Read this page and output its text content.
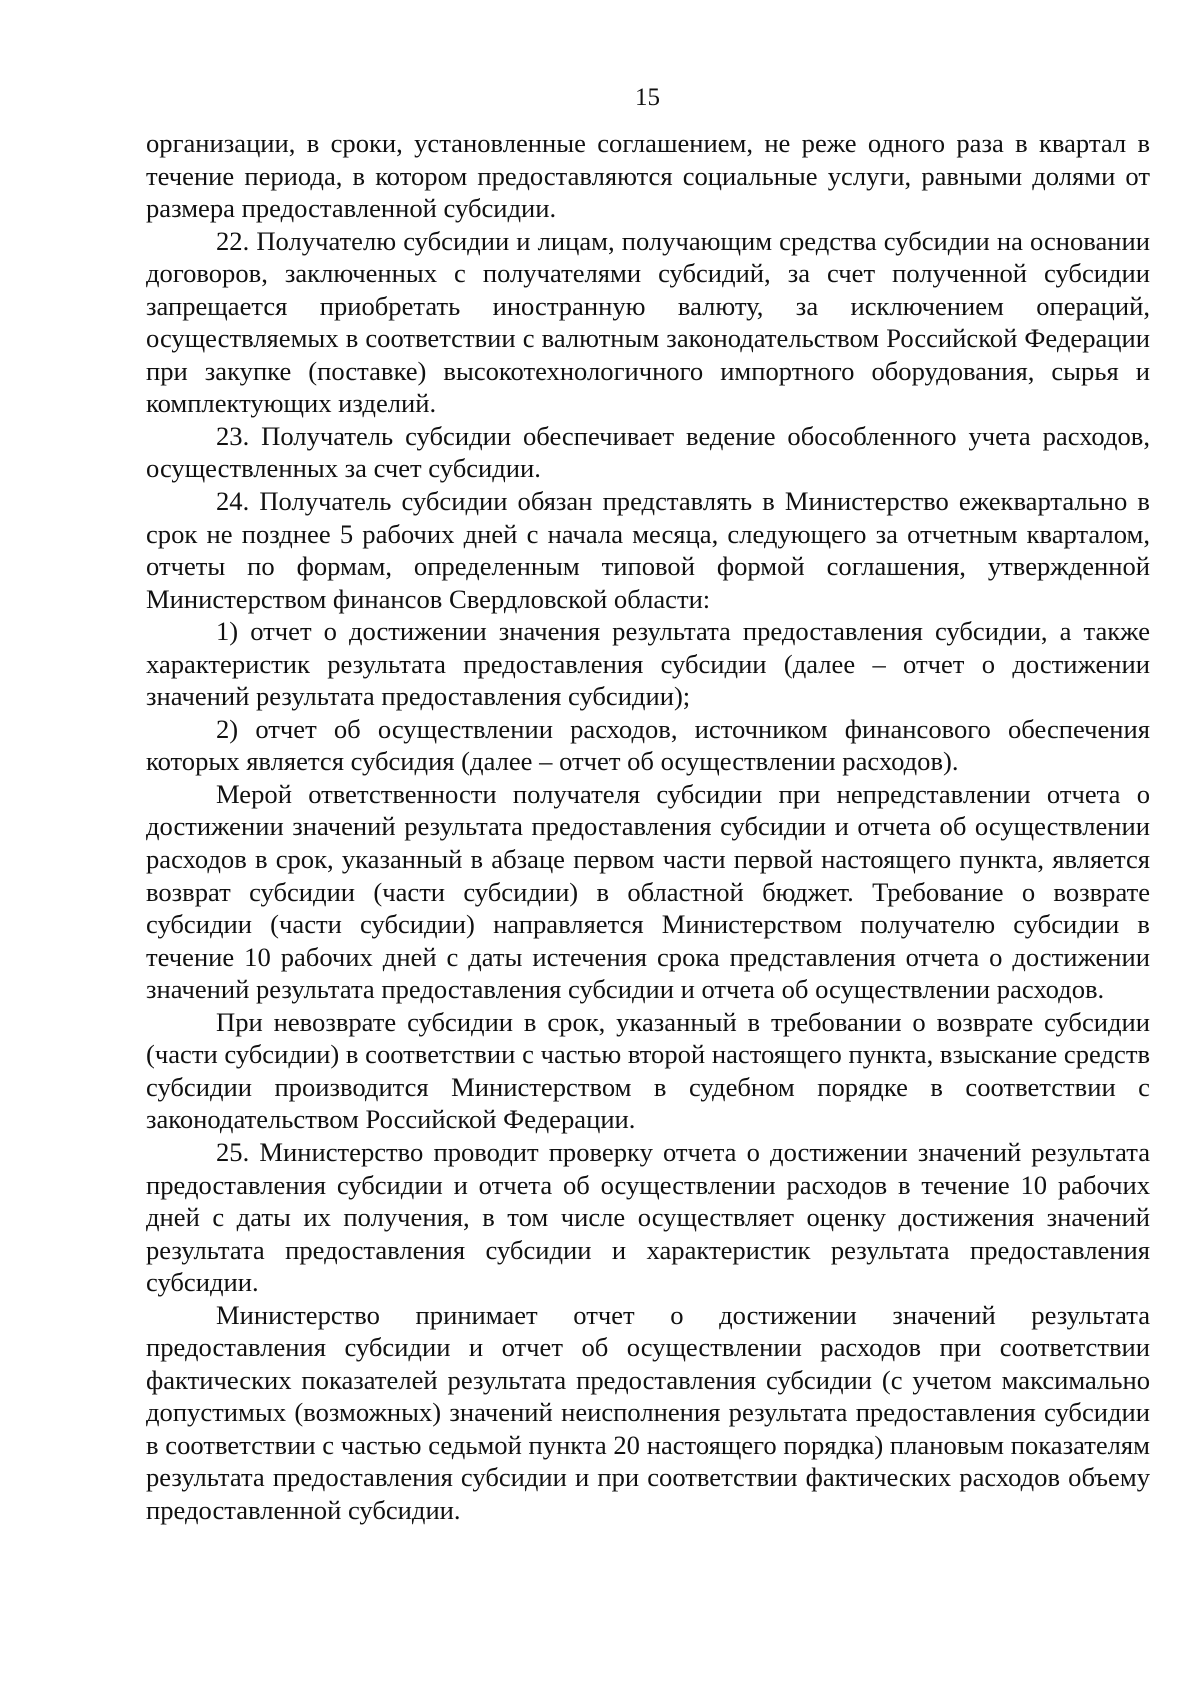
15

организации, в сроки, установленные соглашением, не реже одного раза в квартал в течение периода, в котором предоставляются социальные услуги, равными долями от размера предоставленной субсидии.

22. Получателю субсидии и лицам, получающим средства субсидии на основании договоров, заключенных с получателями субсидий, за счет полученной субсидии запрещается приобретать иностранную валюту, за исключением операций, осуществляемых в соответствии с валютным законодательством Российской Федерации при закупке (поставке) высокотехнологичного импортного оборудования, сырья и комплектующих изделий.

23. Получатель субсидии обеспечивает ведение обособленного учета расходов, осуществленных за счет субсидии.

24. Получатель субсидии обязан представлять в Министерство ежеквартально в срок не позднее 5 рабочих дней с начала месяца, следующего за отчетным кварталом, отчеты по формам, определенным типовой формой соглашения, утвержденной Министерством финансов Свердловской области:

1) отчет о достижении значения результата предоставления субсидии, а также характеристик результата предоставления субсидии (далее – отчет о достижении значений результата предоставления субсидии);

2) отчет об осуществлении расходов, источником финансового обеспечения которых является субсидия (далее – отчет об осуществлении расходов).

Мерой ответственности получателя субсидии при непредставлении отчета о достижении значений результата предоставления субсидии и отчета об осуществлении расходов в срок, указанный в абзаце первом части первой настоящего пункта, является возврат субсидии (части субсидии) в областной бюджет. Требование о возврате субсидии (части субсидии) направляется Министерством получателю субсидии в течение 10 рабочих дней с даты истечения срока представления отчета о достижении значений результата предоставления субсидии и отчета об осуществлении расходов.

При невозврате субсидии в срок, указанный в требовании о возврате субсидии (части субсидии) в соответствии с частью второй настоящего пункта, взыскание средств субсидии производится Министерством в судебном порядке в соответствии с законодательством Российской Федерации.

25. Министерство проводит проверку отчета о достижении значений результата предоставления субсидии и отчета об осуществлении расходов в течение 10 рабочих дней с даты их получения, в том числе осуществляет оценку достижения значений результата предоставления субсидии и характеристик результата предоставления субсидии.

Министерство принимает отчет о достижении значений результата предоставления субсидии и отчет об осуществлении расходов при соответствии фактических показателей результата предоставления субсидии (с учетом максимально допустимых (возможных) значений неисполнения результата предоставления субсидии в соответствии с частью седьмой пункта 20 настоящего порядка) плановым показателям результата предоставления субсидии и при соответствии фактических расходов объему предоставленной субсидии.
